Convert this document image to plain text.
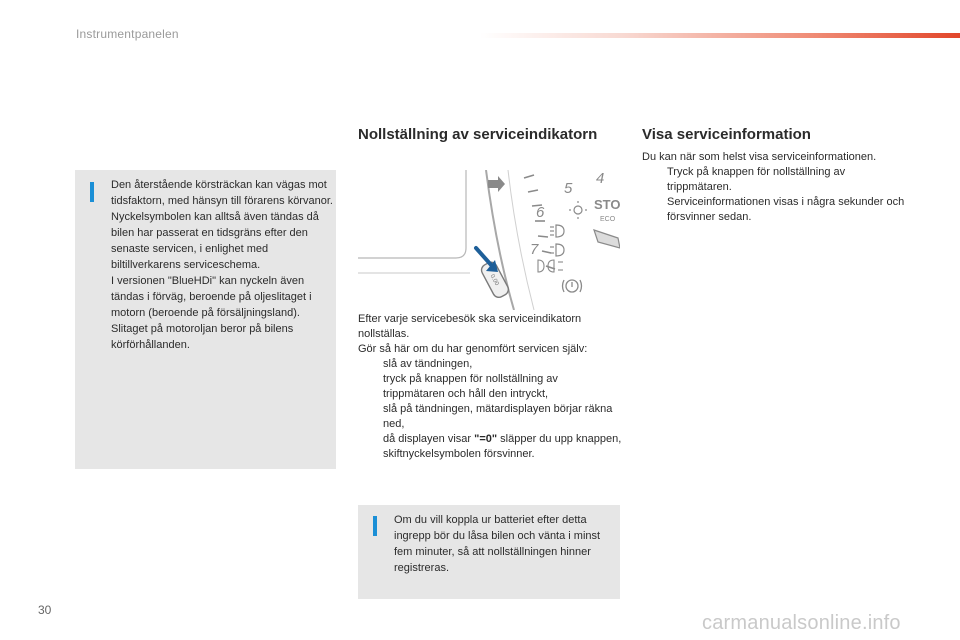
Instrumentpanelen

Den återstående körsträckan kan vägas mot tidsfaktorn, med hänsyn till förarens körvanor.

Nyckelsymbolen kan alltså även tändas då bilen har passerat en tidsgräns efter den senaste servicen, i enlighet med biltillverkarens serviceschema.

I versionen "BlueHDi" kan nyckeln även tändas i förväg, beroende på oljeslitaget i motorn (beroende på försäljningsland). Slitaget på motoroljan beror på bilens körförhållanden.

Nollställning av serviceindikatorn
4
5
6
7
STO
ECO
0.00

Efter varje servicebesök ska serviceindikatorn nollställas.

Gör så här om du har genomfört servicen själv:

slå av tändningen,
tryck på knappen för nollställning av trippmätaren och håll den intryckt,
slå på tändningen, mätardisplayen börjar räkna ned,
då displayen visar "=0" släpper du upp knappen, skiftnyckelsymbolen försvinner.
Om du vill koppla ur batteriet efter detta ingrepp bör du låsa bilen och vänta i minst fem minuter, så att nollställningen hinner registreras.
Visa serviceinformation

Du kan när som helst visa serviceinformationen.

Tryck på knappen för nollställning av trippmätaren.

Serviceinformationen visas i några sekunder och försvinner sedan.

30
carmanualsonline.info
